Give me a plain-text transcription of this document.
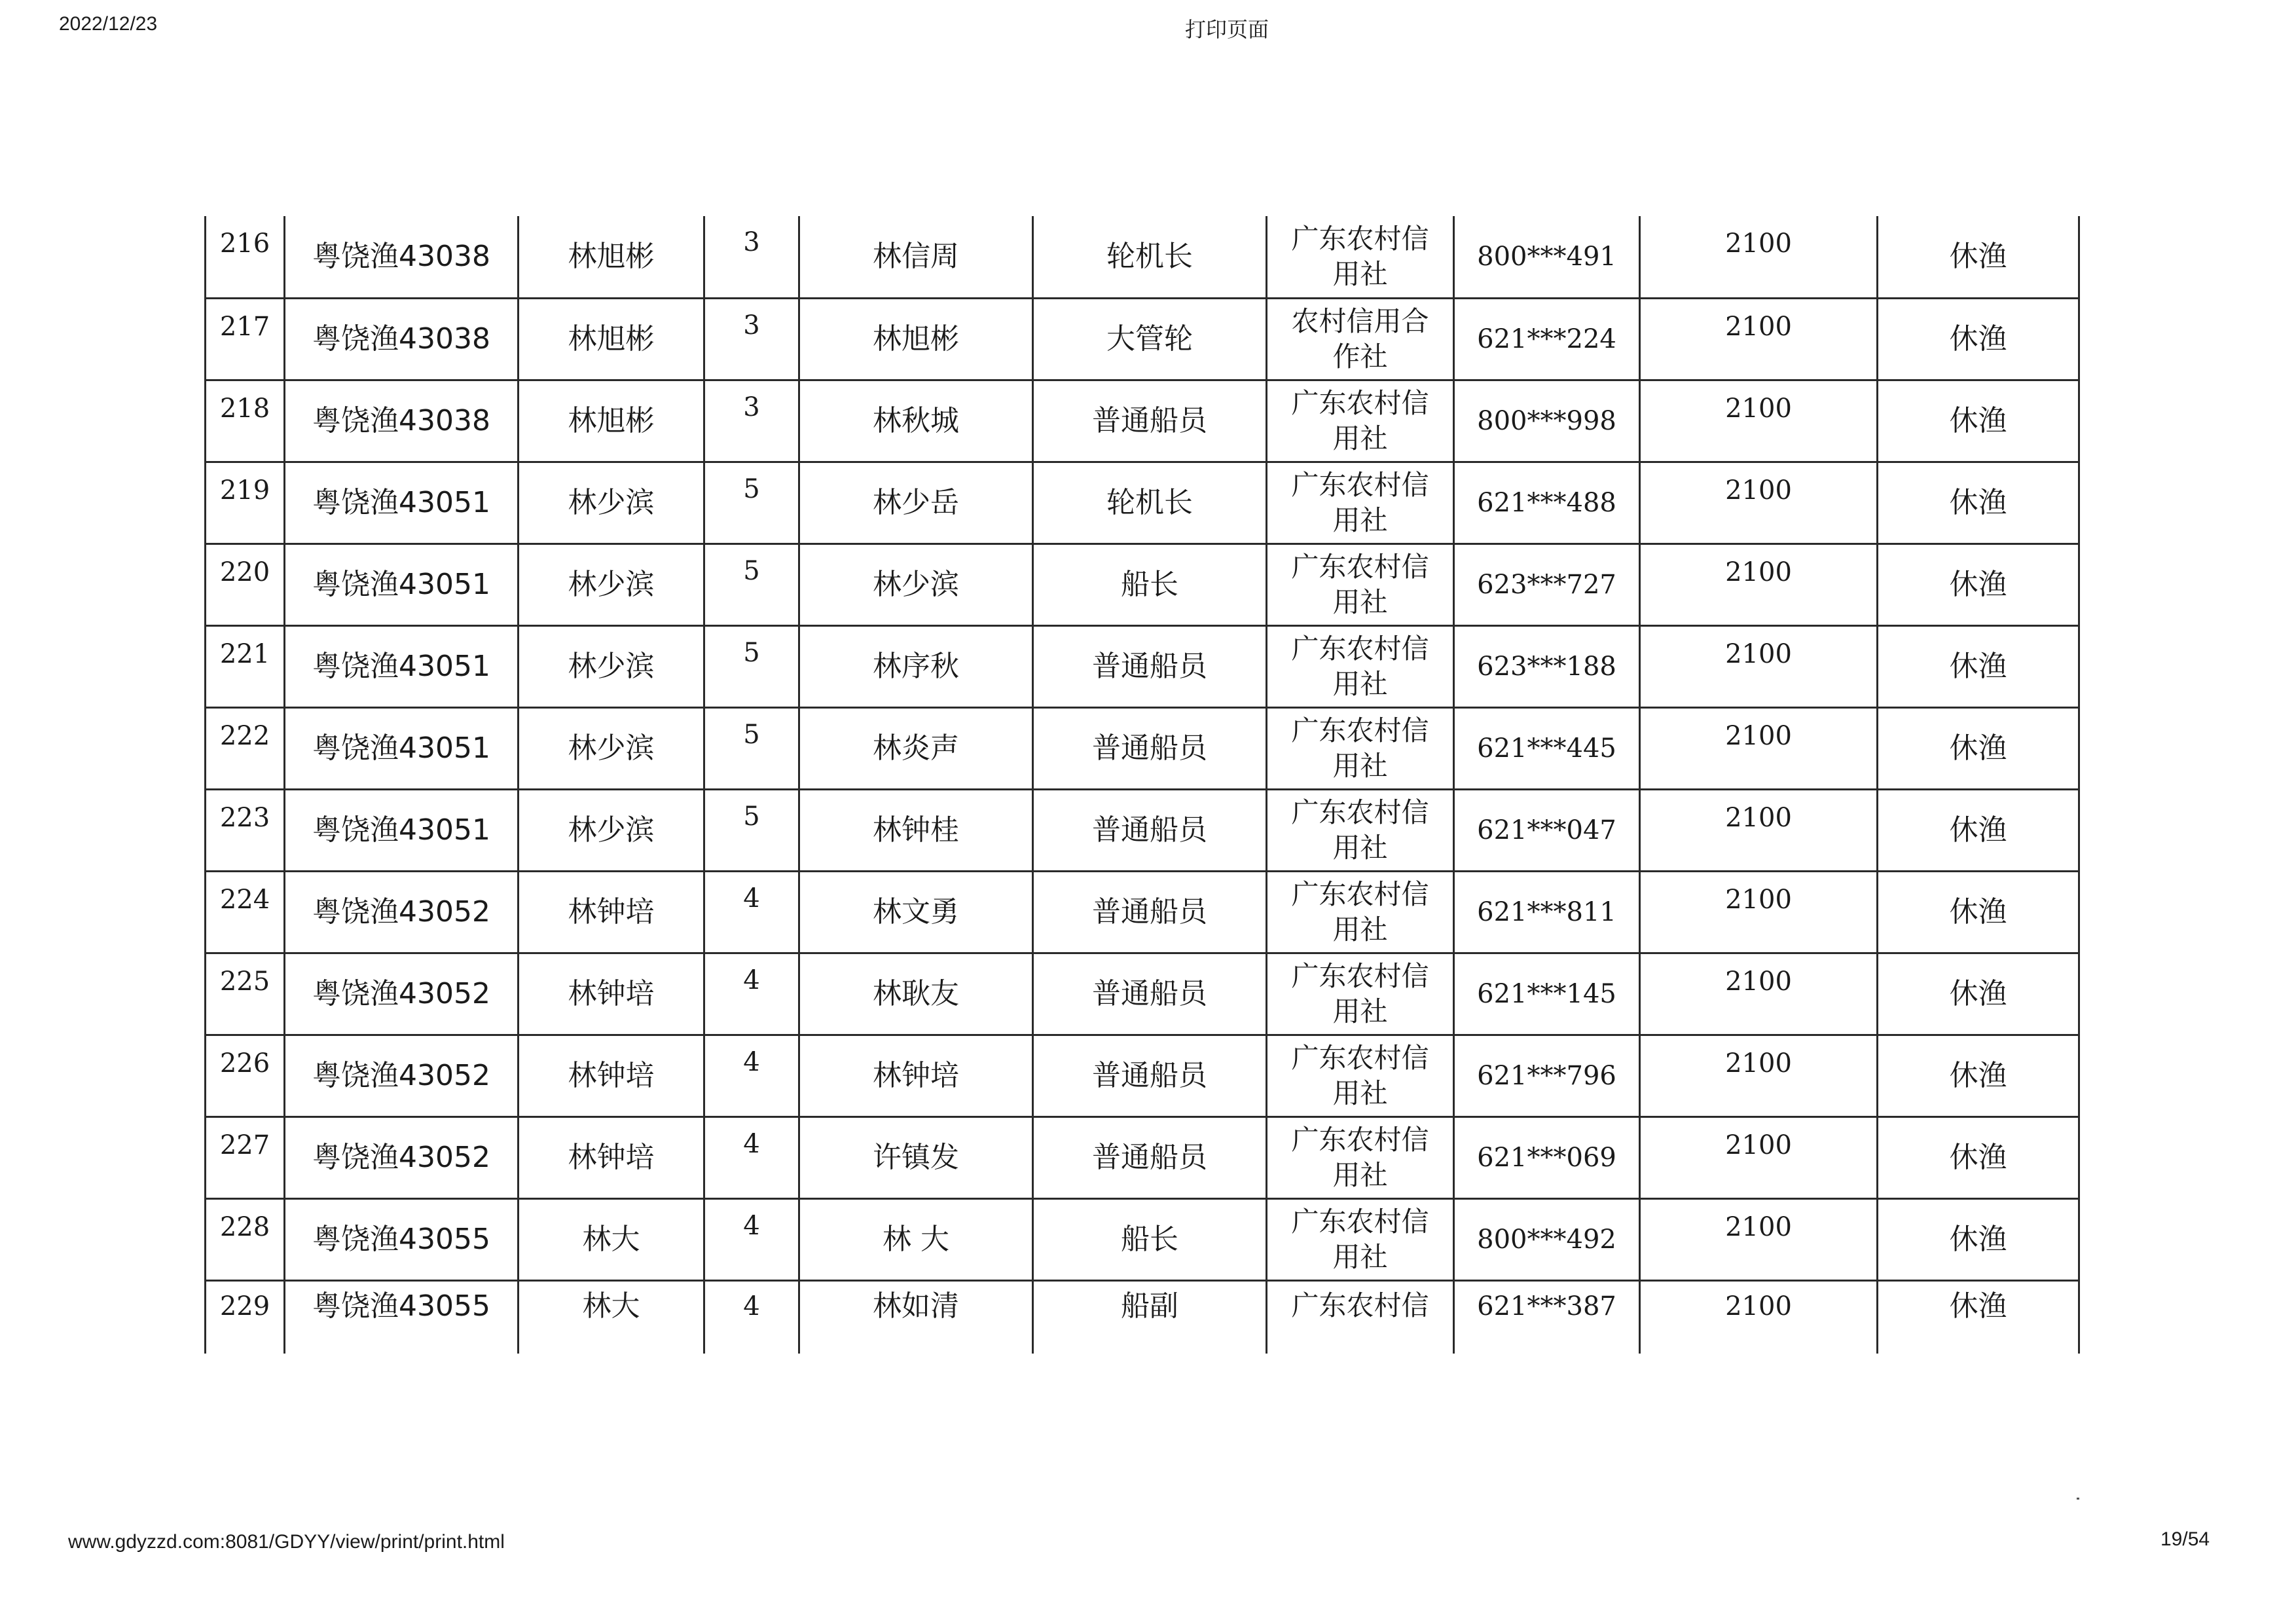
2022/12/23	打印页面
216	粤饶渔43038	林旭彬	3	林信周	轮机长	广东农村信
用社	800***491	2100	休渔
217	粤饶渔43038	林旭彬	3	林旭彬	大管轮	农村信用合
作社	621***224	2100	休渔
218	粤饶渔43038	林旭彬	3	林秋城	普通船员	广东农村信
用社	800***998	2100	休渔
219	粤饶渔43051	林少滨	5	林少岳	轮机长	广东农村信
用社	621***488	2100	休渔
220	粤饶渔43051	林少滨	5	林少滨	船长	广东农村信
用社	623***727	2100	休渔
221	粤饶渔43051	林少滨	5	林序秋	普通船员	广东农村信
用社	623***188	2100	休渔
222	粤饶渔43051	林少滨	5	林炎声	普通船员	广东农村信
用社	621***445	2100	休渔
223	粤饶渔43051	林少滨	5	林钟桂	普通船员	广东农村信
用社	621***047	2100	休渔
224	粤饶渔43052	林钟培	4	林文勇	普通船员	广东农村信
用社	621***811	2100	休渔
225	粤饶渔43052	林钟培	4	林耿友	普通船员	广东农村信
用社	621***145	2100	休渔
226	粤饶渔43052	林钟培	4	林钟培	普通船员	广东农村信
用社	621***796	2100	休渔
227	粤饶渔43052	林钟培	4	许镇发	普通船员	广东农村信
用社	621***069	2100	休渔
228	粤饶渔43055	林大	4	林 大	船长	广东农村信
用社	800***492	2100	休渔
229	粤饶渔43055	林大	4	林如清	船副	广东农村信	621***387	2100	休渔
www.gdyzzd.com:8081/GDYY/view/print/print.html	19/54
